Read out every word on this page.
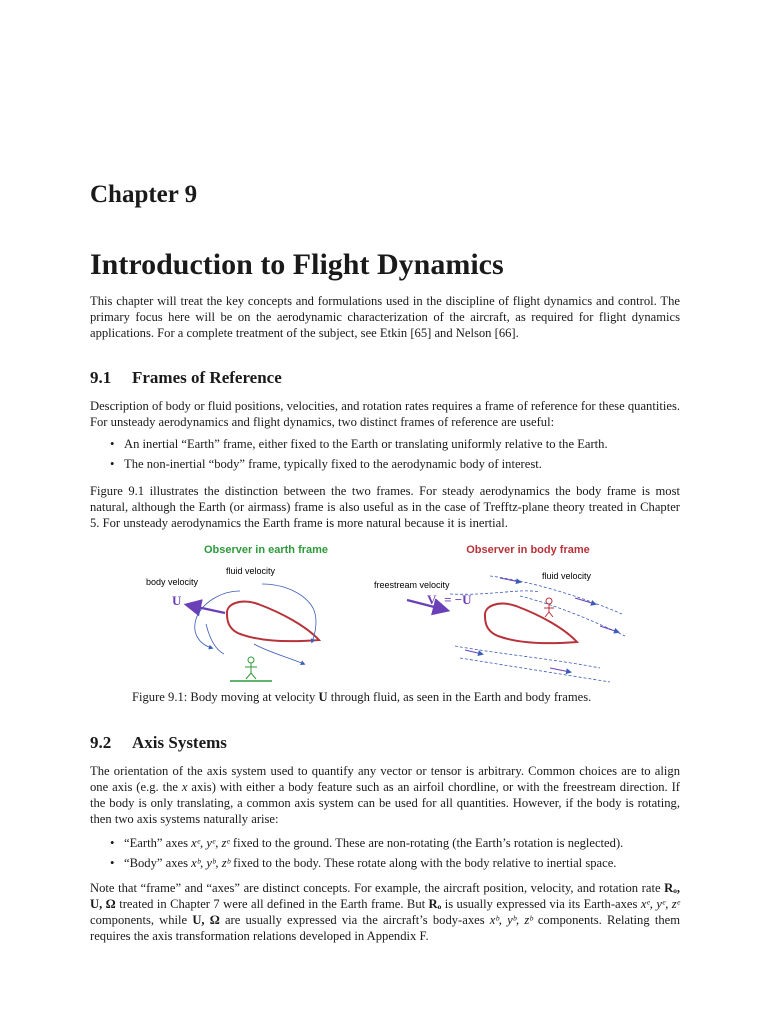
Chapter 9
Introduction to Flight Dynamics

This chapter will treat the key concepts and formulations used in the discipline of flight dynamics and control. The primary focus here will be on the aerodynamic characterization of the aircraft, as required for flight dynamics applications. For a complete treatment of the subject, see Etkin [65] and Nelson [66].

9.1 Frames of Reference

Description of body or fluid positions, velocities, and rotation rates requires a frame of reference for these quantities. For unsteady aerodynamics and flight dynamics, two distinct frames of reference are useful:

• An inertial “Earth” frame, either fixed to the Earth or translating uniformly relative to the Earth.
• The non-inertial “body” frame, typically fixed to the aerodynamic body of interest.

Figure 9.1 illustrates the distinction between the two frames. For steady aerodynamics the body frame is most natural, although the Earth (or airmass) frame is also useful as in the case of Trefftz-plane theory treated in Chapter 5. For unsteady aerodynamics the Earth frame is more natural because it is inertial.

Observer in earth frame	Observer in body frame
body velocity
fluid velocity
U
freestream velocity
fluid velocity
$V_\infty = -U$
Figure 9.1: Body moving at velocity U through fluid, as seen in the Earth and body frames.
9.2 Axis Systems

The orientation of the axis system used to quantify any vector or tensor is arbitrary. Common choices are to align one axis (e.g. the x axis) with either a body feature such as an airfoil chordline, or with the freestream direction. If the body is only translating, a common axis system can be used for all quantities. However, if the body is rotating, then two axis systems naturally arise:

• “Earth” axes xᵉ, yᵉ, zᵉ fixed to the ground. These are non-rotating (the Earth’s rotation is neglected).
• “Body” axes xᵇ, yᵇ, zᵇ fixed to the body. These rotate along with the body relative to inertial space.

Note that “frame” and “axes” are distinct concepts. For example, the aircraft position, velocity, and rotation rate Rₒ, U, Ω treated in Chapter 7 were all defined in the Earth frame. But Rₒ is usually expressed via its Earth-axes xᵉ, yᵉ, zᵉ components, while U, Ω are usually expressed via the aircraft’s body-axes xᵇ, yᵇ, zᵇ components. Relating them requires the axis transformation relations developed in Appendix F.
